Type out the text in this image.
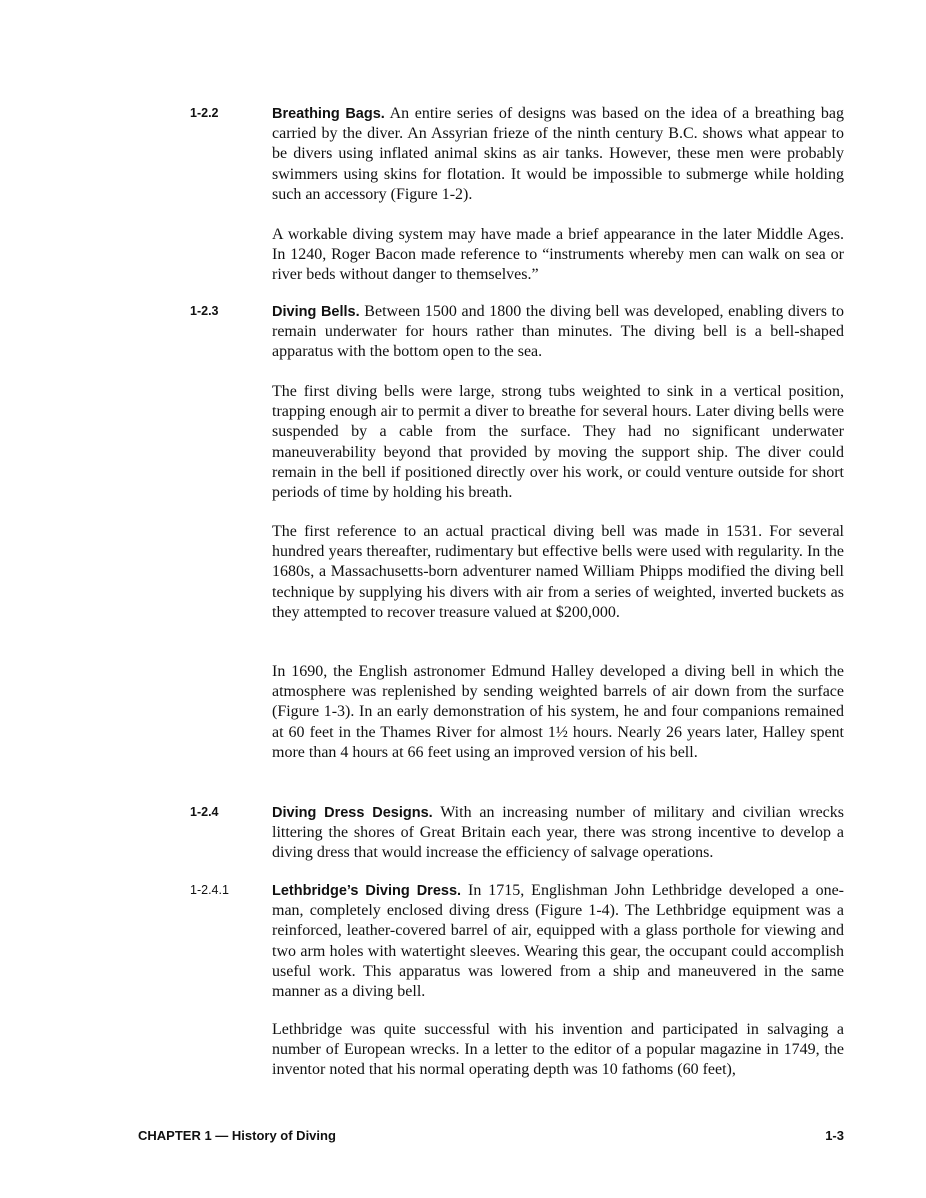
1-2.2	Breathing Bags. An entire series of designs was based on the idea of a breathing bag carried by the diver. An Assyrian frieze of the ninth century B.C. shows what appear to be divers using inflated animal skins as air tanks. However, these men were probably swimmers using skins for flotation. It would be impossible to submerge while holding such an accessory (Figure 1-2).

A workable diving system may have made a brief appearance in the later Middle Ages. In 1240, Roger Bacon made reference to “instruments whereby men can walk on sea or river beds without danger to themselves.”

1-2.3	Diving Bells. Between 1500 and 1800 the diving bell was developed, enabling divers to remain underwater for hours rather than minutes. The diving bell is a bell-shaped apparatus with the bottom open to the sea.

The first diving bells were large, strong tubs weighted to sink in a vertical position, trapping enough air to permit a diver to breathe for several hours. Later diving bells were suspended by a cable from the surface. They had no significant underwater maneuverability beyond that provided by moving the support ship. The diver could remain in the bell if positioned directly over his work, or could venture outside for short periods of time by holding his breath.

The first reference to an actual practical diving bell was made in 1531. For several hundred years thereafter, rudimentary but effective bells were used with regularity. In the 1680s, a Massachusetts-born adventurer named William Phipps modified the diving bell technique by supplying his divers with air from a series of weighted, inverted buckets as they attempted to recover treasure valued at $200,000.

In 1690, the English astronomer Edmund Halley developed a diving bell in which the atmosphere was replenished by sending weighted barrels of air down from the surface (Figure 1-3). In an early demonstration of his system, he and four companions remained at 60 feet in the Thames River for almost 1½ hours. Nearly 26 years later, Halley spent more than 4 hours at 66 feet using an improved version of his bell.

1-2.4	Diving Dress Designs. With an increasing number of military and civilian wrecks littering the shores of Great Britain each year, there was strong incentive to develop a diving dress that would increase the efficiency of salvage operations.

1-2.4.1	Lethbridge’s Diving Dress. In 1715, Englishman John Lethbridge developed a one-man, completely enclosed diving dress (Figure 1-4). The Lethbridge equipment was a reinforced, leather-covered barrel of air, equipped with a glass porthole for viewing and two arm holes with watertight sleeves. Wearing this gear, the occupant could accomplish useful work. This apparatus was lowered from a ship and maneuvered in the same manner as a diving bell.

Lethbridge was quite successful with his invention and participated in salvaging a number of European wrecks. In a letter to the editor of a popular magazine in 1749, the inventor noted that his normal operating depth was 10 fathoms (60 feet),

CHAPTER 1 — History of Diving	1-3
